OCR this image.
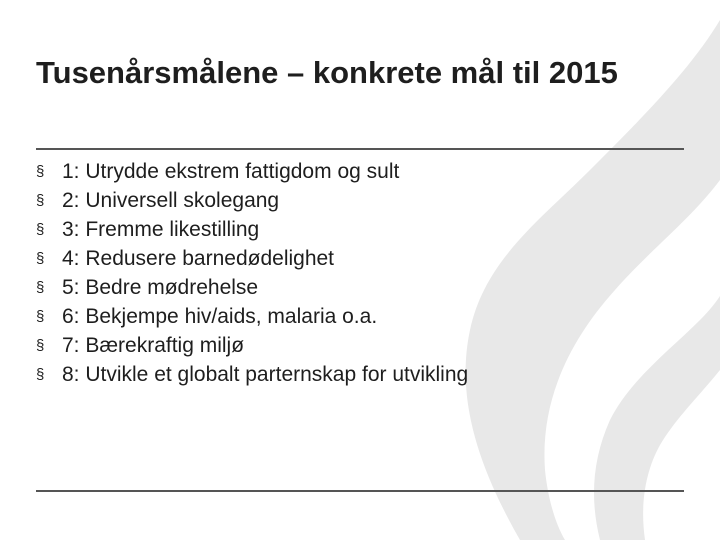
Tusenårsmålene – konkrete mål til 2015
§ 1: Utrydde ekstrem fattigdom og sult
§ 2: Universell skolegang
§ 3: Fremme likestilling
§ 4: Redusere barnedødelighet
§ 5: Bedre mødrehelse
§ 6: Bekjempe hiv/aids, malaria o.a.
§ 7: Bærekraftig miljø
§ 8: Utvikle et globalt parternskap for utvikling
